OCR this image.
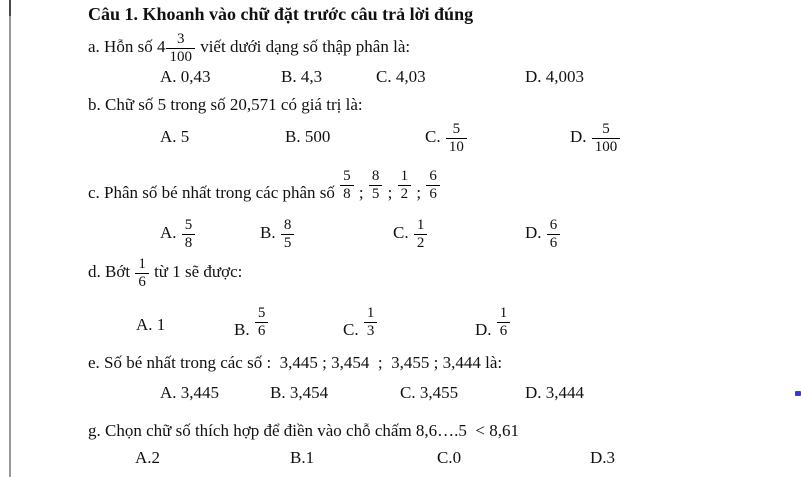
Câu 1. Khoanh vào chữ đặt trước câu trả lời đúng
a. Hỗn số $4 \frac{3}{100}$ viết dưới dạng số thập phân là:
A. 0,43	B. 4,3	C. 4,03	D. 4,003
b. Chữ số 5 trong số 20,571 có giá trị là:
A. 5	B. 500	C. $\frac{5}{10}$	D. $\frac{5}{100}$
c. Phân số bé nhất trong các phân số $\frac{5}{8}$ ; $\frac{8}{5}$ ; $\frac{1}{2}$ ; $\frac{6}{6}$
A. $\frac{5}{8}$	B. $\frac{8}{5}$	C. $\frac{1}{2}$	D. $\frac{6}{6}$
d. Bớt $\frac{1}{6}$ từ 1 sẽ được:
A. 1	B. $\frac{5}{6}$	C. $\frac{1}{3}$	D. $\frac{1}{6}$
e. Số bé nhất trong các số :  3,445 ; 3,454  ;  3,455 ; 3,444 là:
A. 3,445	B. 3,454	C. 3,455	D. 3,444
g. Chọn chữ số thích hợp để điền vào chỗ chấm 8,6….5  < 8,61
A.2	B.1	C.0	D.3
